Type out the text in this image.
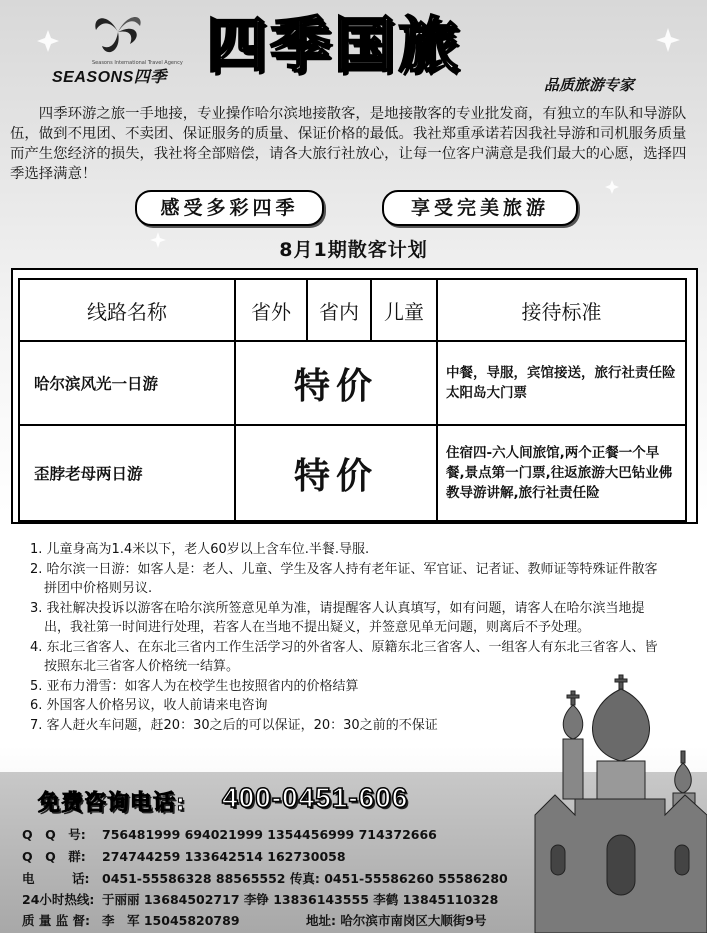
SEASONS四季
Seasons International Travel Agency 四季国旅
品质旅游专家
四季环游之旅一手地接，专业操作哈尔滨地接散客，是地接散客的专业批发商，有独立的车队和导游队伍，做到不甩团、不卖团、保证服务的质量、保证价格的最低。我社郑重承诺若因我社导游和司机服务质量而产生您经济的损失，我社将全部赔偿，请各大旅行社放心，让每一位客户满意是我们最大的心愿，选择四季选择满意！
感受多彩四季	享受完美旅游
8月1期散客计划
线路名称	省外	省内	儿童	接待标准
哈尔滨风光一日游	特价			中餐，导服，宾馆接送，旅行社责任险 太阳岛大门票
歪脖老母两日游	特价			住宿四-六人间旅馆,两个正餐一个早餐,景点第一门票,往返旅游大巴钻业佛教导游讲解,旅行社责任险
1. 儿童身高为1.4米以下，老人60岁以上含车位.半餐.导服.
2. 哈尔滨一日游：如客人是：老人、儿童、学生及客人持有老年证、军官证、记者证、教师证等特殊证件散客拼团中价格则另议.
3. 我社解决投诉以游客在哈尔滨所签意见单为准，请提醒客人认真填写，如有问题，请客人在哈尔滨当地提出，我社第一时间进行处理，若客人在当地不提出疑义，并签意见单无问题，则离后不予处理。
4. 东北三省客人、在东北三省内工作生活学习的外省客人、原籍东北三省客人、一组客人有东北三省客人、皆按照东北三省客人价格统一结算。
5. 亚布力滑雪：如客人为在校学生也按照省内的价格结算
6. 外国客人价格另议，收人前请来电咨询
7. 客人赶火车问题，赶20：30之后的可以保证，20：30之前的不保证
免费咨询电话: 400-0451-606
Q　Q　号: 756481999 694021999 1354456999 714372666
Q　Q　群: 274744259 133642514 162730058
电　　　话: 0451-55586328 88565552 传真: 0451-55586260 55586280
24小时热线: 于丽丽 13684502717 李铮 13836143555 李鹤 13845110328
质 量 监 督: 李　军 15045820789	地址: 哈尔滨市南岗区大顺街9号
